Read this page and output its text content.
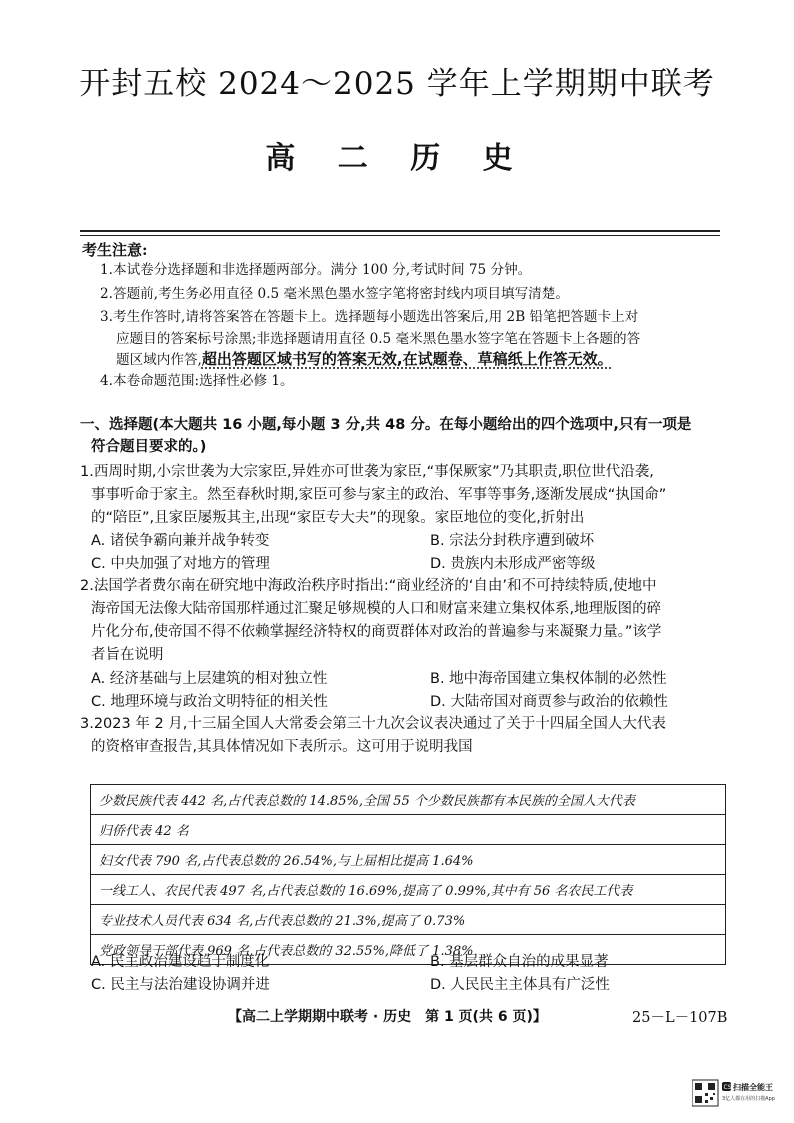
开封五校 2024～2025 学年上学期期中联考
高 二 历 史
考生注意:
1.本试卷分选择题和非选择题两部分。满分 100 分,考试时间 75 分钟。
2.答题前,考生务必用直径 0.5 毫米黑色墨水签字笔将密封线内项目填写清楚。
3.考生作答时,请将答案答在答题卡上。选择题每小题选出答案后,用 2B 铅笔把答题卡上对
应题目的答案标号涂黑;非选择题请用直径 0.5 毫米黑色墨水签字笔在答题卡上各题的答
题区域内作答,超出答题区域书写的答案无效,在试题卷、草稿纸上作答无效。
4.本卷命题范围:选择性必修 1。
一、选择题(本大题共 16 小题,每小题 3 分,共 48 分。在每小题给出的四个选项中,只有一项是
符合题目要求的。)
1.西周时期,小宗世袭为大宗家臣,异姓亦可世袭为家臣,“事保厥家”乃其职责,职位世代沿袭,
事事听命于家主。然至春秋时期,家臣可参与家主的政治、军事等事务,逐渐发展成“执国命”
的“陪臣”,且家臣屡叛其主,出现“家臣专大夫”的现象。家臣地位的变化,折射出
A. 诸侯争霸向兼并战争转变	B. 宗法分封秩序遭到破坏
C. 中央加强了对地方的管理	D. 贵族内未形成严密等级
2.法国学者费尔南在研究地中海政治秩序时指出:“商业经济的‘自由’和不可持续特质,使地中
海帝国无法像大陆帝国那样通过汇聚足够规模的人口和财富来建立集权体系,地理版图的碎
片化分布,使帝国不得不依赖掌握经济特权的商贾群体对政治的普遍参与来凝聚力量。”该学
者旨在说明
A. 经济基础与上层建筑的相对独立性	B. 地中海帝国建立集权体制的必然性
C. 地理环境与政治文明特征的相关性	D. 大陆帝国对商贾参与政治的依赖性
3.2023 年 2 月,十三届全国人大常委会第三十九次会议表决通过了关于十四届全国人大代表
的资格审查报告,其具体情况如下表所示。这可用于说明我国
少数民族代表 442 名,占代表总数的 14.85%,全国 55 个少数民族都有本民族的全国人大代表
归侨代表 42 名
妇女代表 790 名,占代表总数的 26.54%,与上届相比提高 1.64%
一线工人、农民代表 497 名,占代表总数的 16.69%,提高了 0.99%,其中有 56 名农民工代表
专业技术人员代表 634 名,占代表总数的 21.3%,提高了 0.73%
党政领导干部代表 969 名,占代表总数的 32.55%,降低了 1.38%
A. 民主政治建设趋于制度化	B. 基层群众自治的成果显著
C. 民主与法治建设协调并进	D. 人民民主主体具有广泛性
【高二上学期期中联考 · 历史　第 1 页(共 6 页)】	25－L－107B
CS 扫描全能王
3亿人都在用的扫描App
